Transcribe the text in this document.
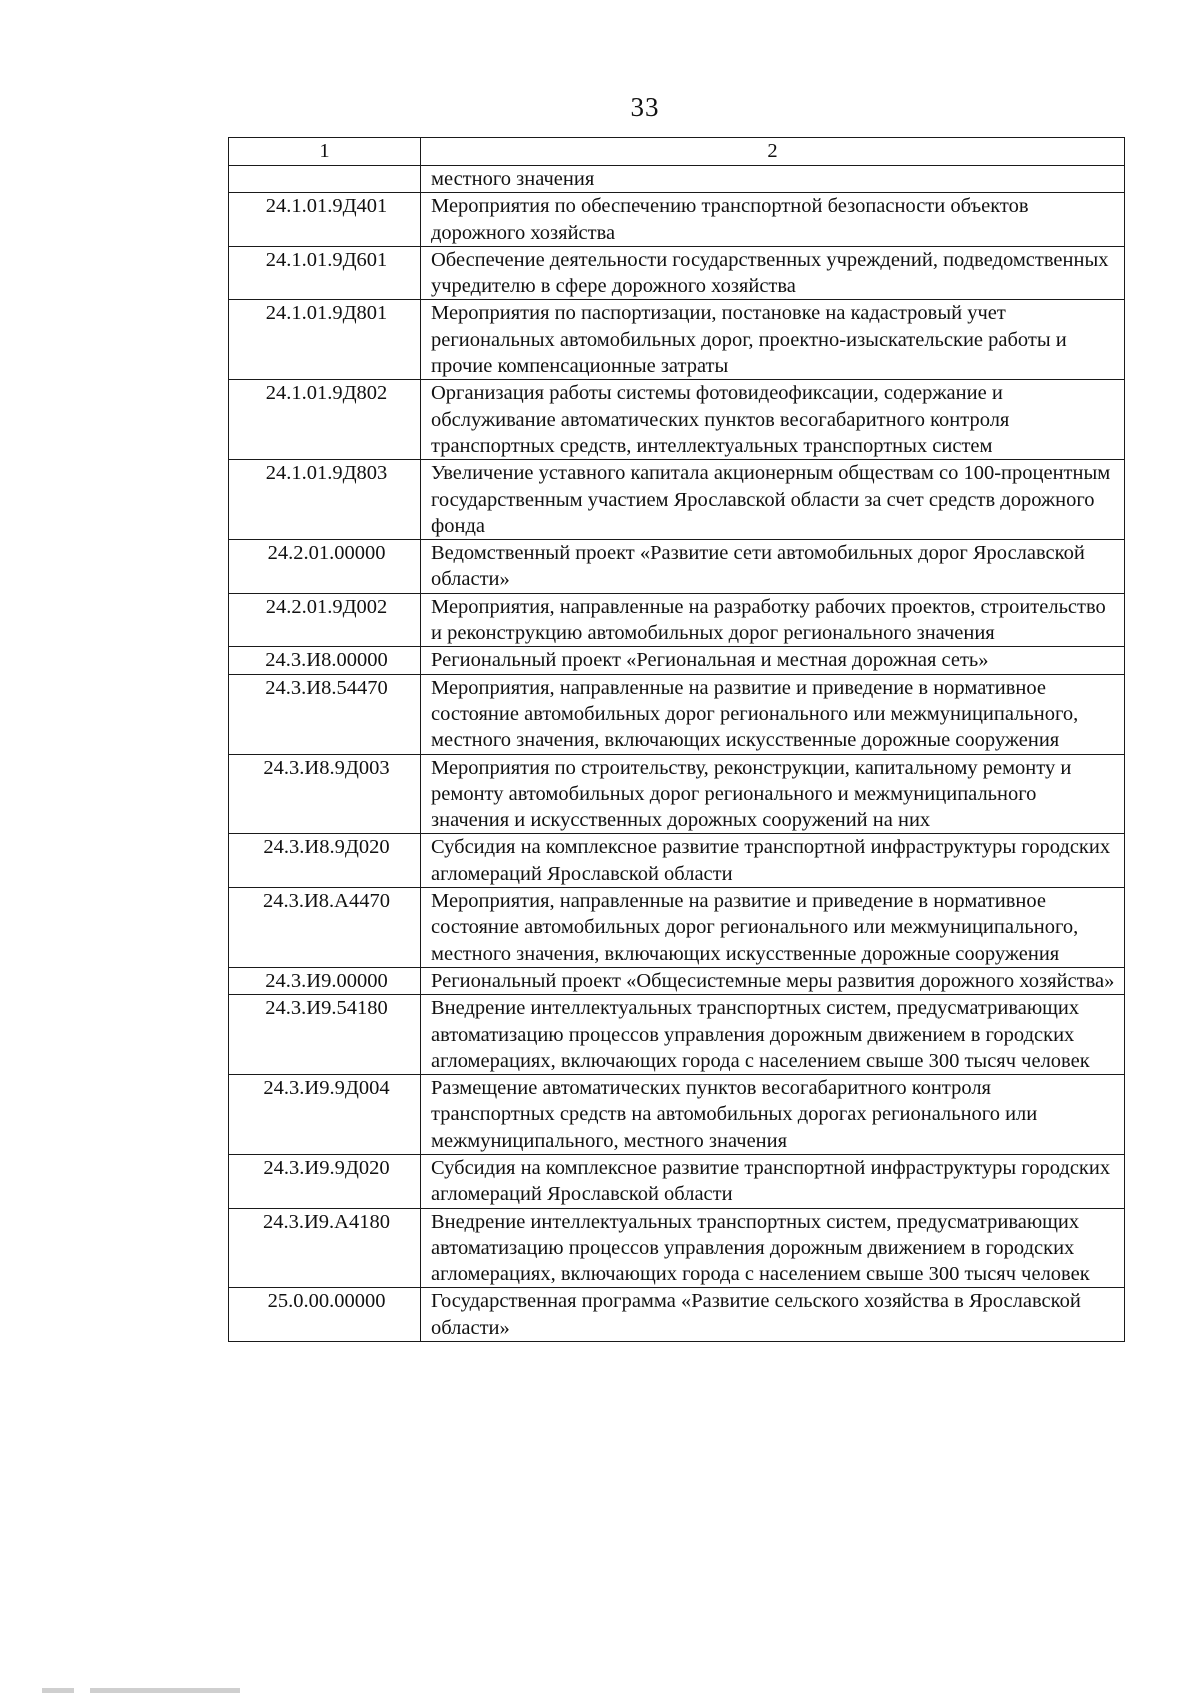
33
1	2
	местного значения
24.1.01.9Д401	Мероприятия по обеспечению транспортной безопасности объектов дорожного хозяйства
24.1.01.9Д601	Обеспечение деятельности государственных учреждений, подведомственных учредителю в сфере дорожного хозяйства
24.1.01.9Д801	Мероприятия по паспортизации, постановке на кадастровый учет региональных автомобильных дорог, проектно-изыскательские работы и прочие компенсационные затраты
24.1.01.9Д802	Организация работы системы фотовидеофиксации, содержание и обслуживание автоматических пунктов весогабаритного контроля транспортных средств, интеллектуальных транспортных систем
24.1.01.9Д803	Увеличение уставного капитала акционерным обществам со 100-процентным государственным участием Ярославской области за счет средств дорожного фонда
24.2.01.00000	Ведомственный проект «Развитие сети автомобильных дорог Ярославской области»
24.2.01.9Д002	Мероприятия, направленные на разработку рабочих проектов, строительство и реконструкцию автомобильных дорог регионального значения
24.3.И8.00000	Региональный проект «Региональная и местная дорожная сеть»
24.3.И8.54470	Мероприятия, направленные на развитие и приведение в нормативное состояние автомобильных дорог регионального или межмуниципального, местного значения, включающих искусственные дорожные сооружения
24.3.И8.9Д003	Мероприятия по строительству, реконструкции, капитальному ремонту и ремонту автомобильных дорог регионального и межмуниципального значения и искусственных дорожных сооружений на них
24.3.И8.9Д020	Субсидия на комплексное развитие транспортной инфраструктуры городских агломераций Ярославской области
24.3.И8.А4470	Мероприятия, направленные на развитие и приведение в нормативное состояние автомобильных дорог регионального или межмуниципального, местного значения, включающих искусственные дорожные сооружения
24.3.И9.00000	Региональный проект «Общесистемные меры развития дорожного хозяйства»
24.3.И9.54180	Внедрение интеллектуальных транспортных систем, предусматривающих автоматизацию процессов управления дорожным движением в городских агломерациях, включающих города с населением свыше 300 тысяч человек
24.3.И9.9Д004	Размещение автоматических пунктов весогабаритного контроля транспортных средств на автомобильных дорогах регионального или межмуниципального, местного значения
24.3.И9.9Д020	Субсидия на комплексное развитие транспортной инфраструктуры городских агломераций Ярославской области
24.3.И9.А4180	Внедрение интеллектуальных транспортных систем, предусматривающих автоматизацию процессов управления дорожным движением в городских агломерациях, включающих города с населением свыше 300 тысяч человек
25.0.00.00000	Государственная программа «Развитие сельского хозяйства в Ярославской области»
